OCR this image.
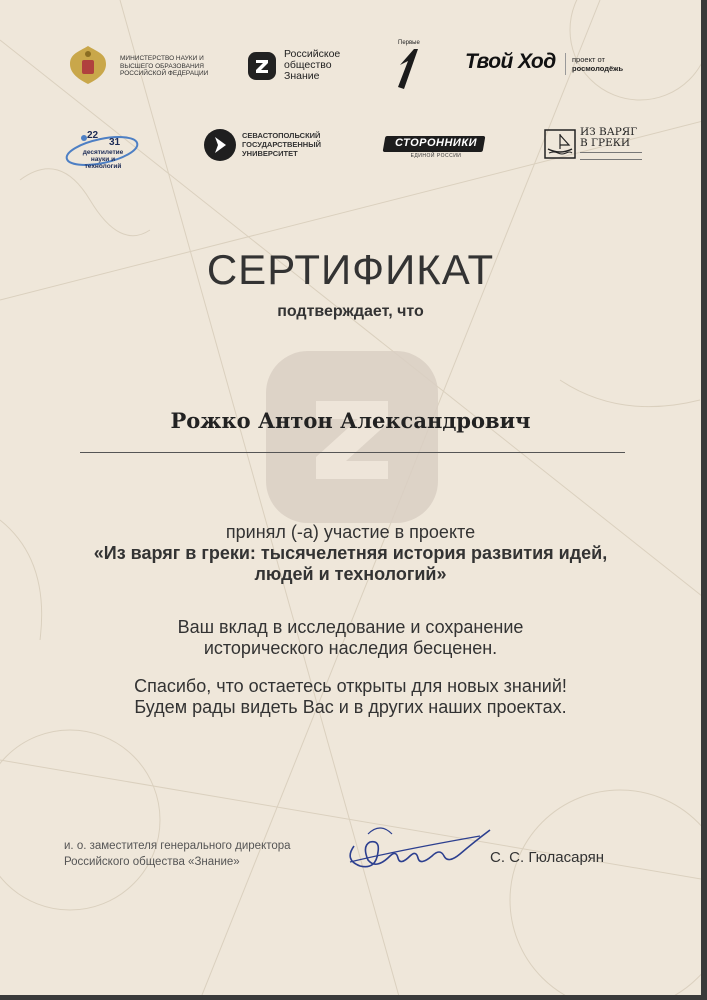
МИНИСТЕРСТВО НАУКИ И ВЫСШЕГО ОБРАЗОВАНИЯ РОССИЙСКОЙ ФЕДЕРАЦИИ
Российское
общество
Знание
Первые
Твой Ход проект от
росмолодёжь
22
31
десятилетие
науки и технологий
СЕВАСТОПОЛЬСКИЙ
ГОСУДАРСТВЕННЫЙ
УНИВЕРСИТЕТ
СТОРОННИКИ
ЕДИНОЙ РОССИИ
ИЗ ВАРЯГ
В ГРЕКИ
СЕРТИФИКАТ
подтверждает, что
Рожко Антон Александрович
принял (-а) участие в проекте
«Из варяг в греки: тысячелетняя история развития идей,
людей и технологий»
Ваш вклад в исследование и сохранение
исторического наследия бесценен.
Спасибо, что остаетесь открыты для новых знаний!
Будем рады видеть Вас и в других наших проектах.
и. о. заместителя генерального директора
Российского общества «Знание»	С. С. Гюласарян
